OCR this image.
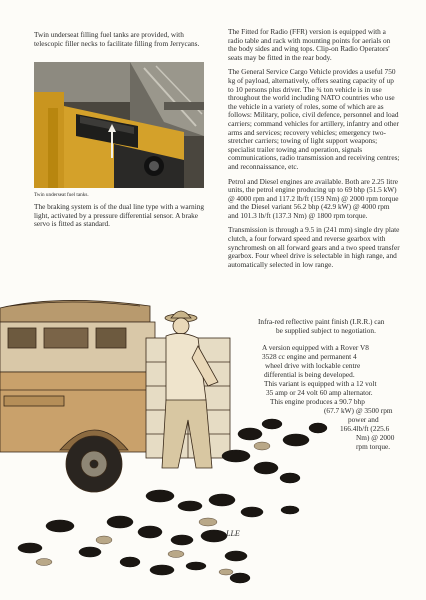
Twin underseat filling fuel tanks are provided, with telescopic filler necks to facilitate filling from Jerrycans.

Twin underseat fuel tanks.

The braking system is of the dual line type with a warning light, activated by a pressure differential sensor. A brake servo is fitted as standard.

The Fitted for Radio (FFR) version is equipped with a radio table and rack with mounting points for aerials on the body sides and wing tops. Clip-on Radio Operators' seats may be fitted in the rear body.

The General Service Cargo Vehicle provides a useful 750 kg of payload, alternatively, offers seating capacity of up to 10 persons plus driver. The ¾ ton vehicle is in use throughout the world including NATO countries who use the vehicle in a variety of roles, some of which are as follows: Military, police, civil defence, personnel and load carriers; command vehicles for artillery, infantry and other arms and services; recovery vehicles; emergency two-stretcher carriers; towing of light support weapons; specialist trailer towing and operation, signals communications, radio transmission and receiving centres; and reconnaissance, etc.

Petrol and Diesel engines are available. Both are 2.25 litre units, the petrol engine producing up to 69 bhp (51.5 kW) @ 4000 rpm and 117.2 lb/ft (159 Nm) @ 2000 rpm torque and the Diesel variant 56.2 bhp (42.9 kW) @ 4000 rpm and 101.3 lb/ft (137.3 Nm) @ 1800 rpm torque.

Transmission is through a 9.5 in (241 mm) single dry plate clutch, a four forward speed and reverse gearbox with synchromesh on all forward gears and a two speed transfer gearbox. Four wheel drive is selectable in high range, and automatically selected in low range.

LLE
Infra-red reflective paint finish (I.R.R.) can
be supplied subject to negotiation.
A version equipped with a Rover V8
3528 cc engine and permanent 4
wheel drive with lockable centre
differential is being developed.
This variant is equipped with a 12 volt
35 amp or 24 volt 60 amp alternator.
This engine produces a 90.7 bhp
(67.7 kW) @ 3500 rpm
power and
166.4lb/ft (225.6
Nm) @ 2000
rpm torque.
